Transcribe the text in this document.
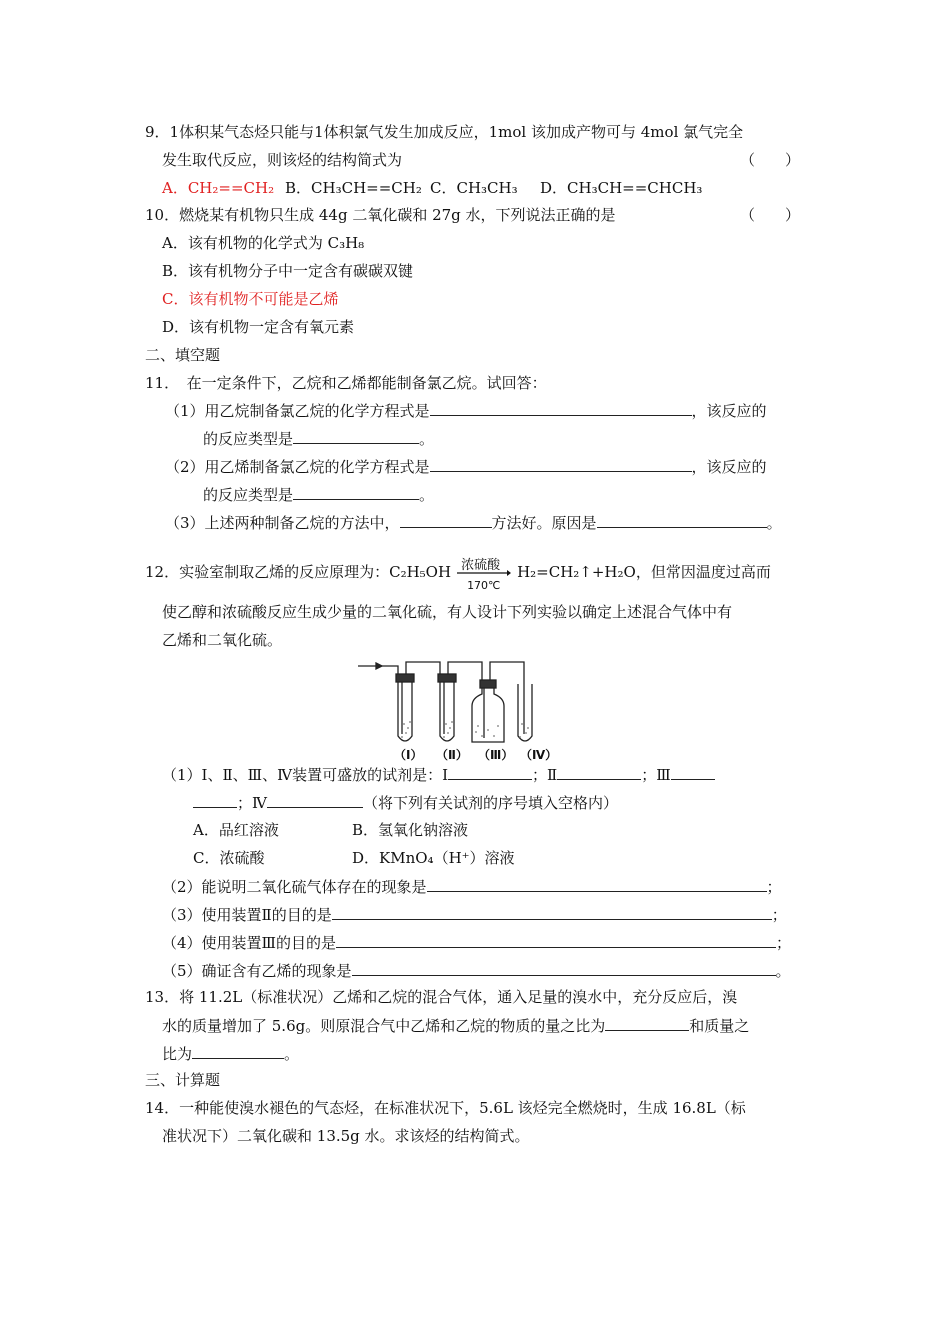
9．1体积某气态烃只能与1体积氯气发生加成反应，1mol 该加成产物可与 4mol 氯气完全
发生取代反应，则该烃的结构简式为	（　　）
A．CH₂==CH₂ B．CH₃CH==CH₂ C．CH₃CH₃ D．CH₃CH==CHCH₃
10．燃烧某有机物只生成 44g 二氧化碳和 27g 水，下列说法正确的是	（　　）
A．该有机物的化学式为 C₃H₈
B．该有机物分子中一定含有碳碳双键
C．该有机物不可能是乙烯
D．该有机物一定含有氧元素
二、填空题
11．　在一定条件下，乙烷和乙烯都能制备氯乙烷。试回答：
（1）用乙烷制备氯乙烷的化学方程式是	，该反应的
的反应类型是	。
（2）用乙烯制备氯乙烷的化学方程式是	，该反应的
的反应类型是	。
（3）上述两种制备乙烷的方法中，	方法好。原因是	。
12．实验室制取乙烯的反应原理为：C₂H₅OH 浓硫酸
170℃
H₂=CH₂↑+H₂O，但常因温度过高而
使乙醇和浓硫酸反应生成少量的二氧化硫，有人设计下列实验以确定上述混合气体中有
乙烯和二氧化硫。
（Ⅰ） （Ⅱ） （Ⅲ） （Ⅳ）
（1）Ⅰ、Ⅱ、Ⅲ、Ⅳ装置可盛放的试剂是：Ⅰ	；Ⅱ	；Ⅲ
；Ⅳ	（将下列有关试剂的序号填入空格内）
A．品红溶液	B．氢氧化钠溶液
C．浓硫酸	D．KMnO₄（H⁺）溶液
（2）能说明二氧化硫气体存在的现象是	；
（3）使用装置Ⅱ的目的是	；
（4）使用装置Ⅲ的目的是	；
（5）确证含有乙烯的现象是	。
13．将 11.2L（标准状况）乙烯和乙烷的混合气体，通入足量的溴水中，充分反应后，溴
水的质量增加了 5.6g。则原混合气中乙烯和乙烷的物质的量之比为	和质量之
比为	。
三、计算题
14．一种能使溴水褪色的气态烃，在标准状况下，5.6L 该烃完全燃烧时，生成 16.8L（标
准状况下）二氧化碳和 13.5g 水。求该烃的结构简式。
